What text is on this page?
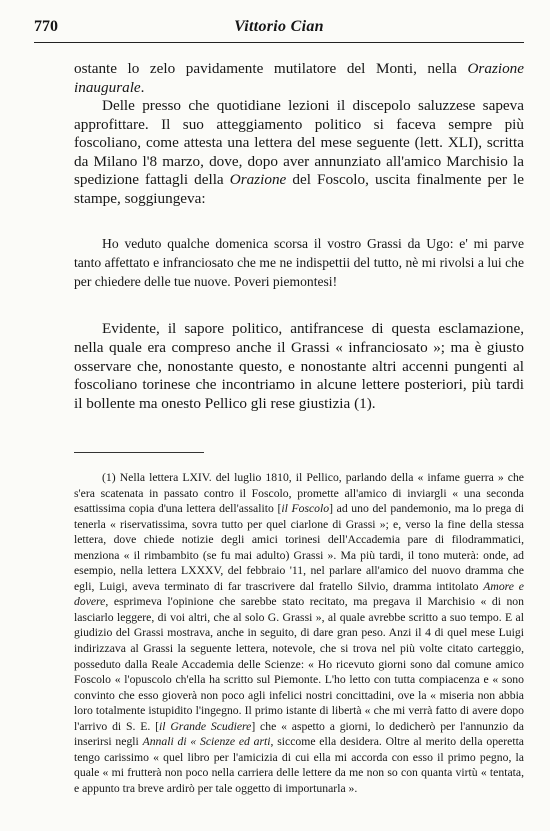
770	Vittorio Cian

ostante lo zelo pavidamente mutilatore del Monti, nella Orazione inaugurale.

Delle presso che quotidiane lezioni il discepolo saluzzese sapeva approfittare. Il suo atteggiamento politico si faceva sempre più foscoliano, come attesta una lettera del mese seguente (lett. XLI), scritta da Milano l'8 marzo, dove, dopo aver annunziato all'amico Marchisio la spedizione fattagli della Orazione del Foscolo, uscita finalmente per le stampe, soggiungeva:

Ho veduto qualche domenica scorsa il vostro Grassi da Ugo: e' mi parve tanto affettato e infranciosato che me ne indispettii del tutto, nè mi rivolsi a lui che per chiedere delle tue nuove. Poveri piemontesi!

Evidente, il sapore politico, antifrancese di questa esclamazione, nella quale era compreso anche il Grassi « infranciosato »; ma è giusto osservare che, nonostante questo, e nonostante altri accenni pungenti al foscoliano torinese che incontriamo in alcune lettere posteriori, più tardi il bollente ma onesto Pellico gli rese giustizia (1).

(1) Nella lettera LXIV. del luglio 1810, il Pellico, parlando della « infame guerra » che s'era scatenata in passato contro il Foscolo, promette all'amico di inviargli « una seconda esattissima copia d'una lettera dell'assalito [il Foscolo] ad uno del pandemonio, ma lo prega di tenerla « riservatissima, sovra tutto per quel ciarlone di Grassi »; e, verso la fine della stessa lettera, dove chiede notizie degli amici torinesi dell'Accademia pare di filodrammatici, menziona « il rimbambito (se fu mai adulto) Grassi ». Ma più tardi, il tono muterà: onde, ad esempio, nella lettera LXXXV, del febbraio '11, nel parlare all'amico del nuovo dramma che egli, Luigi, aveva terminato di far trascrivere dal fratello Silvio, dramma intitolato Amore e dovere, esprimeva l'opinione che sarebbe stato recitato, ma pregava il Marchisio « di non lasciarlo leggere, di voi altri, che al solo G. Grassi », al quale avrebbe scritto a suo tempo. E al giudizio del Grassi mostrava, anche in seguito, di dare gran peso. Anzi il 4 di quel mese Luigi indirizzava al Grassi la seguente lettera, notevole, che si trova nel più volte citato carteggio, posseduto dalla Reale Accademia delle Scienze: « Ho ricevuto giorni sono dal comune amico Foscolo « l'opuscolo ch'ella ha scritto sul Piemonte. L'ho letto con tutta compiacenza e « sono convinto che esso gioverà non poco agli infelici nostri concittadini, ove la « miseria non abbia loro totalmente istupidito l'ingegno. Il primo istante di libertà « che mi verrà fatto di avere dopo l'arrivo di S. E. [il Grande Scudiere] che « aspetto a giorni, lo dedicherò per l'annunzio da inserirsi negli Annali di « Scienze ed arti, siccome ella desidera. Oltre al merito della operetta tengo carissimo « quel libro per l'amicizia di cui ella mi accorda con esso il primo pegno, la quale « mi frutterà non poco nella carriera delle lettere da me non so con quanta virtù « tentata, e appunto tra breve ardirò per tale oggetto di importunarla ».
